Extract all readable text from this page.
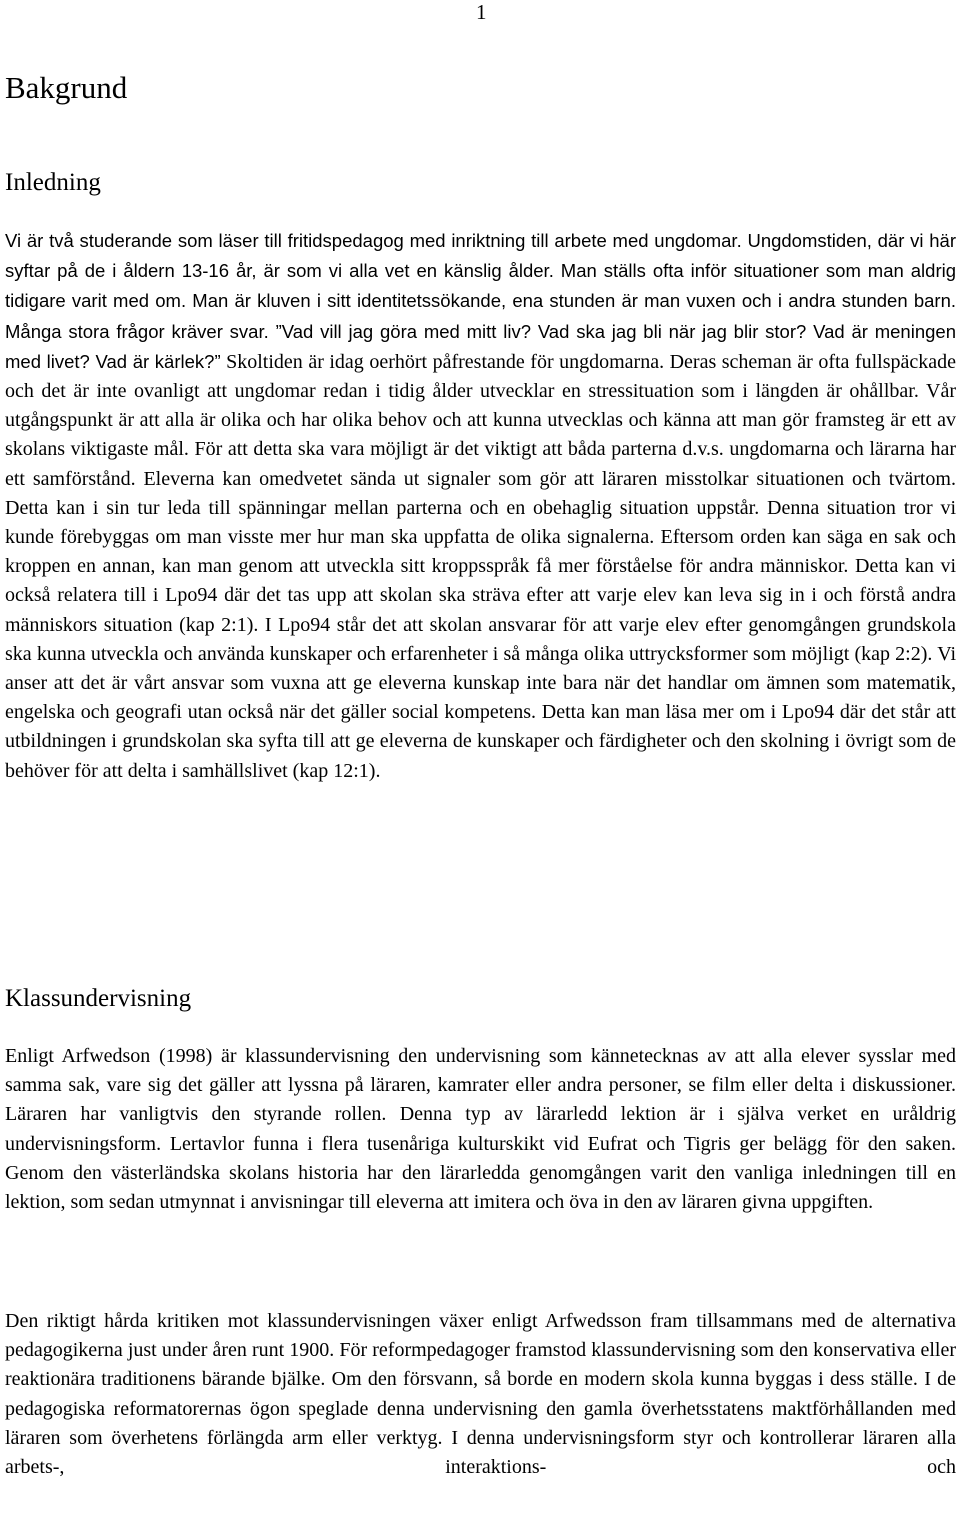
1
Bakgrund
Inledning

Vi är två studerande som läser till fritidspedagog med inriktning till arbete med ungdomar. Ungdomstiden, där vi här syftar på de i åldern 13-16 år, är som vi alla vet en känslig ålder. Man ställs ofta inför situationer som man aldrig tidigare varit med om. Man är kluven i sitt identitetssökande, ena stunden är man vuxen och i andra stunden barn. Många stora frågor kräver svar. ”Vad vill jag göra med mitt liv? Vad ska jag bli när jag blir stor? Vad är meningen med livet? Vad är kärlek?” Skoltiden är idag oerhört påfrestande för ungdomarna. Deras scheman är ofta fullspäckade och det är inte ovanligt att ungdomar redan i tidig ålder utvecklar en stressituation som i längden är ohållbar. Vår utgångspunkt är att alla är olika och har olika behov och att kunna utvecklas och känna att man gör framsteg är ett av skolans viktigaste mål. För att detta ska vara möjligt är det viktigt att båda parterna d.v.s. ungdomarna och lärarna har ett samförstånd. Eleverna kan omedvetet sända ut signaler som gör att läraren misstolkar situationen och tvärtom. Detta kan i sin tur leda till spänningar mellan parterna och en obehaglig situation uppstår. Denna situation tror vi kunde förebyggas om man visste mer hur man ska uppfatta de olika signalerna. Eftersom orden kan säga en sak och kroppen en annan, kan man genom att utveckla sitt kroppsspråk få mer förståelse för andra människor. Detta kan vi också relatera till i Lpo94 där det tas upp att skolan ska sträva efter att varje elev kan leva sig in i och förstå andra människors situation (kap 2:1). I Lpo94 står det att skolan ansvarar för att varje elev efter genomgången grundskola ska kunna utveckla och använda kunskaper och erfarenheter i så många olika uttrycksformer som möjligt (kap 2:2). Vi anser att det är vårt ansvar som vuxna att ge eleverna kunskap inte bara när det handlar om ämnen som matematik, engelska och geografi utan också när det gäller social kompetens. Detta kan man läsa mer om i Lpo94 där det står att utbildningen i grundskolan ska syfta till att ge eleverna de kunskaper och färdigheter och den skolning i övrigt som de behöver för att delta i samhällslivet (kap 12:1).

Klassundervisning

Enligt Arfwedson (1998) är klassundervisning den undervisning som kännetecknas av att alla elever sysslar med samma sak, vare sig det gäller att lyssna på läraren, kamrater eller andra personer, se film eller delta i diskussioner. Läraren har vanligtvis den styrande rollen. Denna typ av lärarledd lektion är i själva verket en uråldrig undervisningsform. Lertavlor funna i flera tusenåriga kulturskikt vid Eufrat och Tigris ger belägg för den saken. Genom den västerländska skolans historia har den lärarledda genomgången varit den vanliga inledningen till en lektion, som sedan utmynnat i anvisningar till eleverna att imitera och öva in den av läraren givna uppgiften.

Den riktigt hårda kritiken mot klassundervisningen växer enligt Arfwedsson fram tillsammans med de alternativa pedagogikerna just under åren runt 1900. För reformpedagoger framstod klassundervisning som den konservativa eller reaktionära traditionens bärande bjälke. Om den försvann, så borde en modern skola kunna byggas i dess ställe. I de pedagogiska reformatorernas ögon speglade denna undervisning den gamla överhetsstatens maktförhållanden med läraren som överhetens förlängda arm eller verktyg. I denna undervisningsform styr och kontrollerar läraren alla arbets-, interaktions- och
